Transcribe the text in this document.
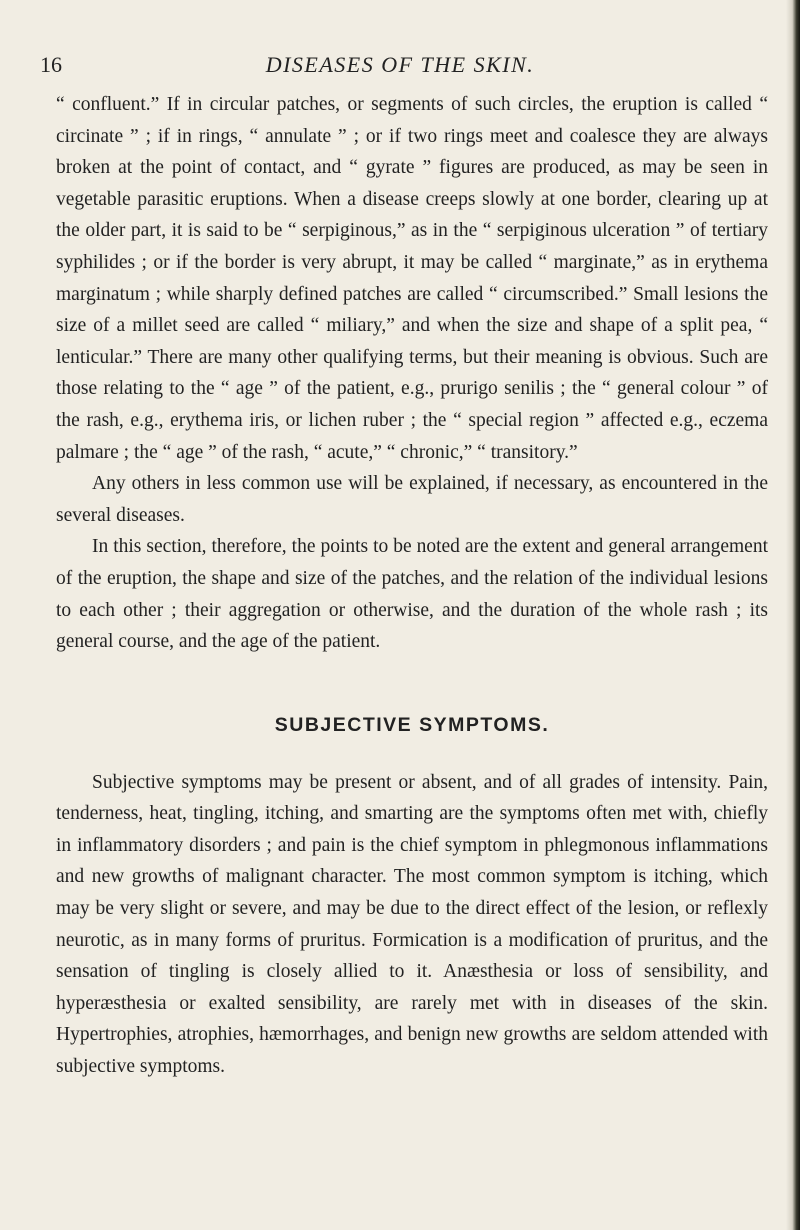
16	DISEASES OF THE SKIN.

“ confluent.” If in circular patches, or segments of such circles, the eruption is called “ circinate ” ; if in rings, “ annulate ” ; or if two rings meet and coalesce they are always broken at the point of contact, and “ gyrate ” figures are produced, as may be seen in vegetable parasitic eruptions. When a disease creeps slowly at one border, clearing up at the older part, it is said to be “ serpiginous,” as in the “ serpiginous ulceration ” of tertiary syphilides ; or if the border is very abrupt, it may be called “ marginate,” as in erythema marginatum ; while sharply defined patches are called “ circumscribed.” Small lesions the size of a millet seed are called “ miliary,” and when the size and shape of a split pea, “ lenticular.” There are many other qualifying terms, but their meaning is obvious. Such are those relating to the “ age ” of the patient, e.g., prurigo senilis ; the “ general colour ” of the rash, e.g., erythema iris, or lichen ruber ; the “ special region ” affected e.g., eczema palmare ; the “ age ” of the rash, “ acute,” “ chronic,” “ transitory.”

Any others in less common use will be explained, if necessary, as encountered in the several diseases.

In this section, therefore, the points to be noted are the extent and general arrangement of the eruption, the shape and size of the patches, and the relation of the individual lesions to each other ; their aggregation or otherwise, and the duration of the whole rash ; its general course, and the age of the patient.

SUBJECTIVE SYMPTOMS.

Subjective symptoms may be present or absent, and of all grades of intensity. Pain, tenderness, heat, tingling, itching, and smarting are the symptoms often met with, chiefly in inflammatory disorders ; and pain is the chief symptom in phlegmonous inflammations and new growths of malignant character. The most common symptom is itching, which may be very slight or severe, and may be due to the direct effect of the lesion, or reflexly neurotic, as in many forms of pruritus. Formication is a modification of pruritus, and the sensation of tingling is closely allied to it. Anæsthesia or loss of sensibility, and hyperæsthesia or exalted sensibility, are rarely met with in diseases of the skin. Hypertrophies, atrophies, hæmorrhages, and benign new growths are seldom attended with subjective symptoms.
